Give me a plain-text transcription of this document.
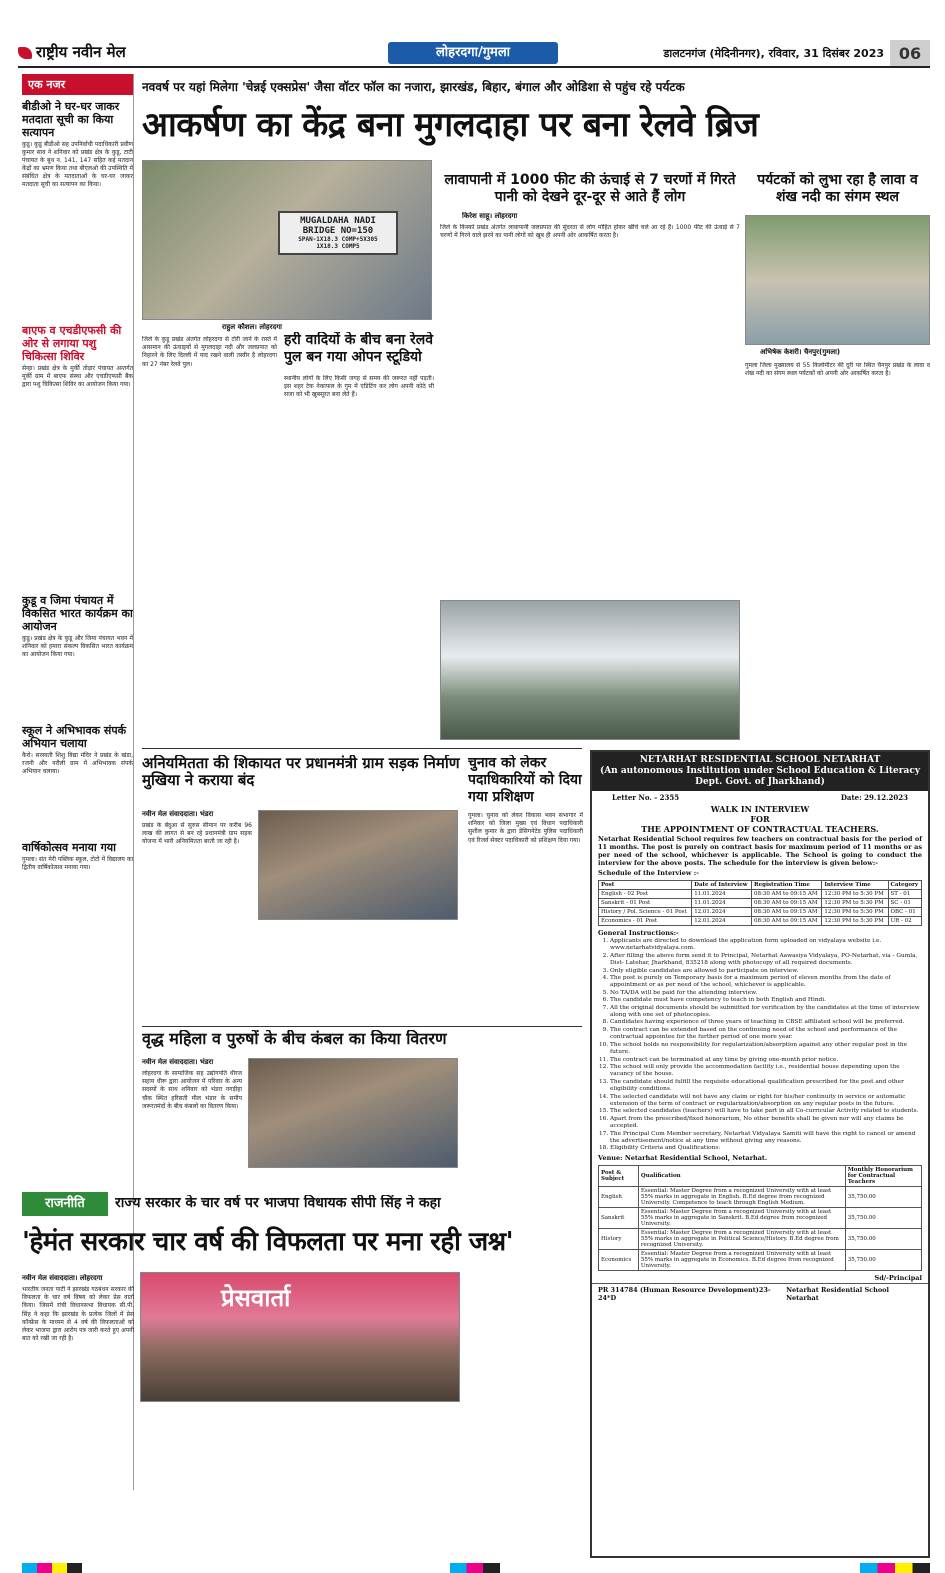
राष्ट्रीय नवीन मेल	लोहरदगा/गुमला	डालटनगंज (मेदिनीनगर), रविवार, 31 दिसंबर 2023 06
एक नजर
बीडीओ ने घर-घर जाकर मतदाता सूची का किया सत्यापन

कुडू। कुडू बीडीओ सह उपनिर्वाची पदाधिकारी प्रवीण कुमार साव ने शनिवार को प्रखंड क्षेत्र के कुडू, टाटी पंचायत के बूथ न. 141, 147 सहित कई मतदान केंद्रों का भ्रमण किया तथा बीएलओ की उपस्थिति में संबंधित क्षेत्र के मतदाताओं के घर-घर जाकर मतदाता सूची का सत्यापन का किया।

बाएफ व एचडीएफसी की ओर से लगाया पशु चिकित्सा शिविर

सेन्हा। प्रखंड क्षेत्र के मुर्की तोड़ार पंचायत अन्तर्गत मुर्की ग्राम में बाएफ संस्था और एचडीएफसी बैंक द्वारा पशु चिकित्सा शिविर का आयोजन किया गया।

कुडू व जिमा पंचायत में विकसित भारत कार्यक्रम का आयोजन

कुडू। प्रखंड क्षेत्र के कुडू और जिमा पंचायत भवन में शनिवार को हमारा संकल्प विकसित भारत कार्यक्रम का आयोजन किया गया।

स्कूल ने अभिभावक संपर्क अभियान चलाया

कैरो। सरस्वती शिशु विद्या मंदिर ने प्रखंड के खंडा, रजनी और नरौली ग्राम में अभिभावक संपर्क अभियान चलाया।

वार्षिकोत्सव मनाया गया

गुमला। संत मेरी पब्लिक स्कूल, टोटो में विद्यालय का द्वितीय वार्षिकोत्सव मनाया गया।

नववर्ष पर यहां मिलेगा 'चेन्नई एक्सप्रेस' जैसा वॉटर फॉल का नजारा, झारखंड, बिहार, बंगाल और ओडिशा से पहुंच रहे पर्यटक
आकर्षण का केंद्र बना मुगलदाहा पर बना रेलवे ब्रिज
MUGALDAHA NADI
BRIDGE NO=150
SPAN-1X18.3 COMP+5X305
1X18.3 COMP5
राहुल कौशल। लोहरदगा
जिले के कुडू प्रखंड अंतर्गत लोहरदगा से टोरी जाने के रास्ते में आसमान की ऊंचाइयों से मुगलदाहा नदी और जलप्रपात को निहारने के लिए दिल्ली में याद रखने वाली तस्वीर है लोहरदगा का 27 नंबर रेलवे पुल।
हरी वादियों के बीच बना रेलवे पुल बन गया ओपन स्टूडियो
स्थानीय लोगों के लिए किसी जगह से समय की जरूरत नहीं पड़ती। इस शहर टेक नेकाफल के गुम में एडिटिंग कर लोग अपनी कोठे सी सजा को भी खूबसूरत बना लेते हैं।
लावापानी में 1000 फीट की ऊंचाई से 7 चरणों में गिरते पानी को देखने दूर-दूर से आते हैं लोग
किरेश साहू। लोहरदगा
जिले के किस्को प्रखंड अंतर्गत लावापानी जलप्रपात की सुंदरता से लोग मोहित होकर खींचे चले आ रहे हैं। 1000 फीट की ऊंचाई से 7 चरणों में गिरने वाले झरने का पानी लोगों को खूब ही अपनी ओर आकर्षित करता है।
पर्यटकों को लुभा रहा है लावा व शंख नदी का संगम स्थल
अभिषेक केशरी। चैनपुर(गुमला)
गुमला जिला मुख्यालय से 55 किलोमीटर की दूरी पर स्थित चैनपुर प्रखंड के लावा व शंख नदी का संगम स्थल पर्यटकों को अपनी ओर आकर्षित करता है।
अनियमितता की शिकायत पर प्रधानमंत्री ग्राम सड़क निर्माण मुखिया ने कराया बंद
नवीन मेल संवाददाता। भंडरा
प्रखंड के बेंदुआ से सुरुस सीमान पर करीब 96 लाख की लागत से बन रहे प्रधानमंत्री ग्राम सड़क योजना में भारी अनियमितता बरती जा रही है।
चुनाव को लेकर पदाधिकारियों को दिया गया प्रशिक्षण
गुमला। चुनाव को लेकर विकास भवन सभागार में शनिवार को जिला मुख्य एवं विधान पदाधिकारी सुशील कुमार के द्वारा डेसिगनेटेड पुलिस पदाधिकारी एवं रिजर्व सेक्टर पदाधिकारी को प्रशिक्षण दिया गया।
वृद्ध महिला व पुरुषों के बीच कंबल का किया वितरण
नवीन मेल संवाददाता। भंडरा
लोहरदगा के सामाजिक सह उद्योगपति धीरज सहाय धीरू द्वारा आयोजन में परिवार के अन्य सदस्यों के साथ शनिवार को भंडरा नगड़ीहा चौक स्थित हरिसती मील भंडार के समीप जरूरतमंदों के बीच कंबलों का वितरण किया।
राजनीति	राज्य सरकार के चार वर्ष पर भाजपा विधायक सीपी सिंह ने कहा
'हेमंत सरकार चार वर्ष की विफलता पर मना रही जश्न'
नवीन मेल संवाददाता। लोहरदगा
भारतीय जनता पार्टी ने झारखंड गठबंधन सरकार की विफलता के चार वर्ष विषय को लेकर प्रेस वार्ता किया। जिसमें रांची विधानसभा विधायक सी.पी. सिंह ने कहा कि झारखंड के प्रत्येक जिलों में प्रेस कॉन्फ्रेंस के माध्यम से 4 वर्ष की विफलताओं को लेकर भाजपा द्वारा आरोप पत्र जारी करते हुए अपनी बात को रखी जा रही है।
प्रेसवार्ता
NETARHAT RESIDENTIAL SCHOOL NETARHAT
(An autonomous Institution under School Education & Literacy Dept. Govt. of Jharkhand)
Letter No. - 2355	Date: 29.12.2023
WALK IN INTERVIEW
FOR
THE APPOINTMENT OF CONTRACTUAL TEACHERS.
Netarhat Residential School requires few teachers on contractual basis for the period of 11 months. The post is purely on contract basis for maximum period of 11 months or as per need of the school, whichever is applicable. The School is going to conduct the interview for the above posts. The schedule for the interview is given below:-
Schedule of the Interview :-
Post	Date of Interview	Registration Time	Interview Time	Category
English - 02 Post	11.01.2024	08:30 AM to 09:15 AM	12:30 PM to 5:30 PM	ST - 01
Sanskrit - 01 Post	11.01.2024	08:30 AM to 09:15 AM	12:30 PM to 5:30 PM	SC - 01
History / Pol. Science - 01 Post	12.01.2024	08:30 AM to 09:15 AM	12:30 PM to 5:30 PM	OBC - 01
Economics - 01 Post	12.01.2024	08:30 AM to 09:15 AM	12:30 PM to 5:30 PM	UR - 02
General Instructions:-
1. Applicants are directed to download the application form uploaded on vidyalaya website i.e. www.netarhatvidyalaya.com.
2. After filling the above form send it to Principal, Netarhat Aawasiya Vidyalaya, PO-Netarhat, via - Gumla, Dist- Latehar, Jharkhand, 835218 along with photocopy of all required documents.
3. Only eligible candidates are allowed to participate on interview.
4. The post is purely on Temporary basis for a maximum period of eleven months from the date of appointment or as per need of the school, whichever is applicable.
5. No TA/DA will be paid for the attending interview.
6. The candidate must have competency to teach in both English and Hindi.
7. All the original documents should be submitted for verification by the candidates at the time of interview along with one set of photocopies.
8. Candidates having experience of three years of teaching in CBSE affiliated school will be preferred.
9. The contract can be extended based on the continuing need of the school and performance of the contractual appointee for the further period of one more year.
10. The school holds no responsibility for regularization/absorption against any other regular post in the future.
11. The contract can be terminated at any time by giving one-month prior notice.
12. The school will only provide the accommodation facility i.e., residential house depending upon the vacancy of the house.
13. The candidate should fulfill the requisite educational qualification prescribed for the post and other eligibility conditions.
14. The selected candidate will not have any claim or right for his/her continuity in service or automatic extension of the term of contract or regularization/absorption on any regular posts in the future.
15. The selected candidates (teachers) will have to take part in all Co-curricular Activity related to students.
16. Apart from the prescribed/fixed honorarium, No other benefits shall be given nor will any claims be accepted.
17. The Principal Cum Member secretary, Netarhat Vidyalaya Samiti will have the right to cancel or amend the advertisement/notice at any time without giving any reasons.
18. Eligibility Criteria and Qualifications:
Venue: Netarhat Residential School, Netarhat.
Post & Subject	Qualification	Monthly Honorarium for Contractual Teachers
English	Essential: Master Degree from a recognized University with at least 55% marks in aggregate in English. B.Ed degree from recognized University. Competence to teach through English Medium.	35,750.00
Sanskrit	Essential: Master Degree from a recognized University with at least 55% marks in aggregate in Sanskrit. B.Ed degree from recognized University.	35,750.00
History	Essential: Master Degree from a recognized University with at least 55% marks in aggregate in Political Science/History. B.Ed degree from recognized University.	35,750.00
Economics	Essential: Master Degree from a recognized University with at least 55% marks in aggregate in Economics. B.Ed degree from recognized University.	35,750.00
Sd/-Principal
PR 314784 (Human Resource Development)23-24*D
Netarhat Residential School Netarhat
